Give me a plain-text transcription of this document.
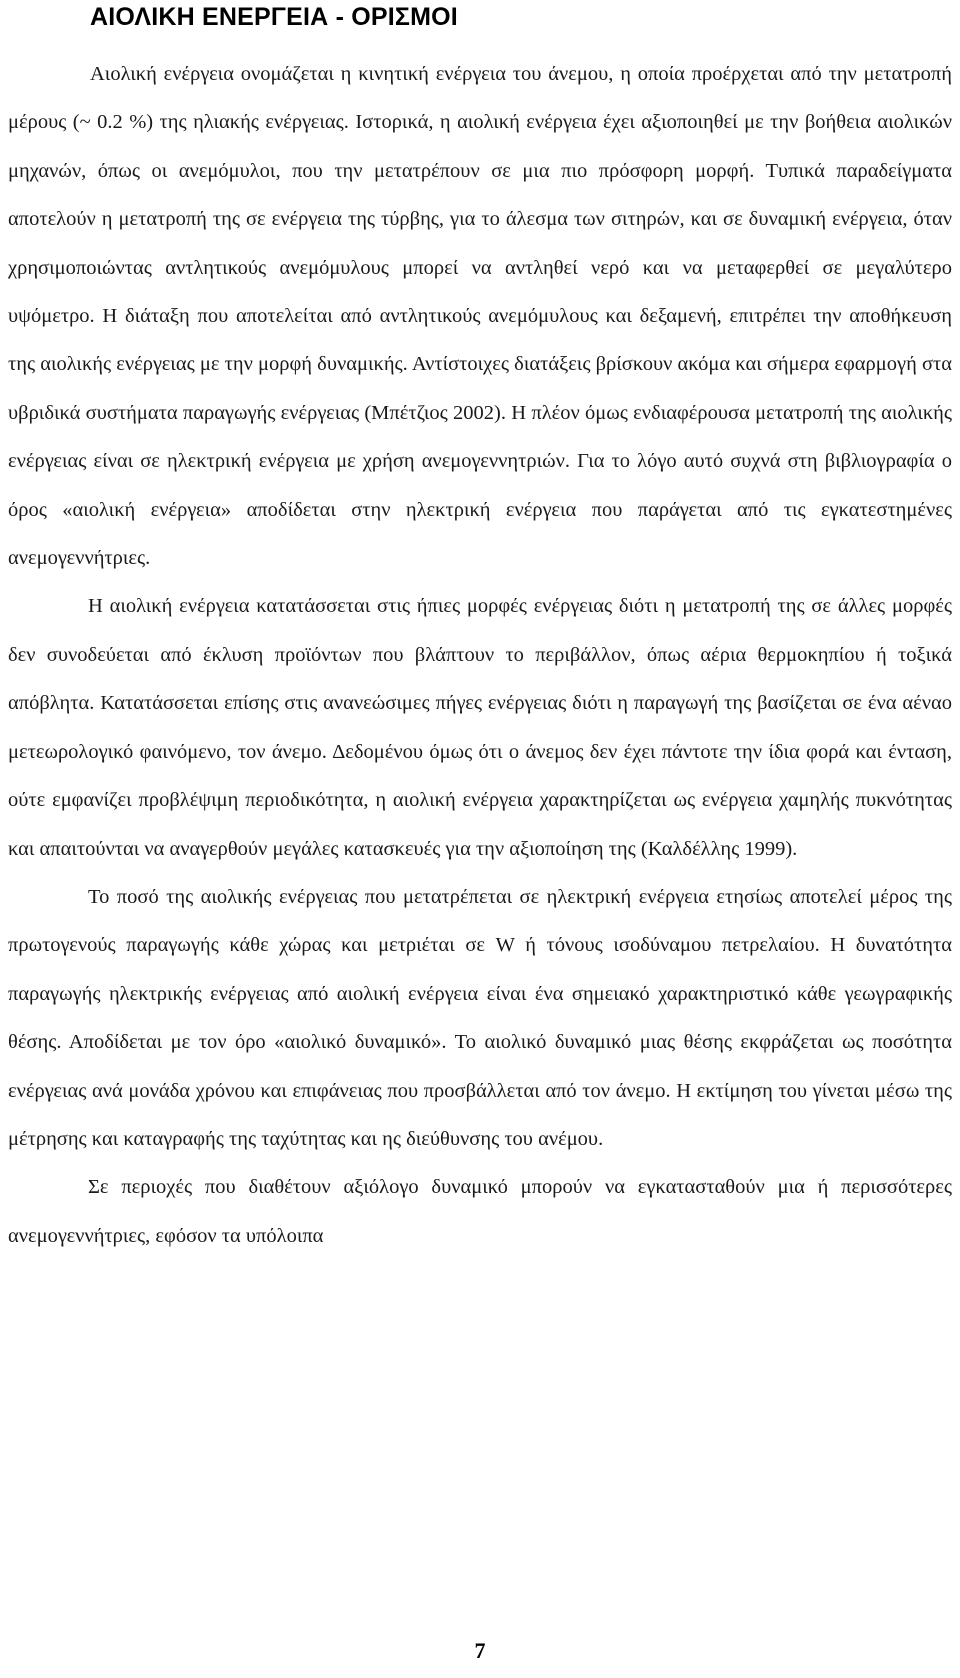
ΑΙΟΛΙΚΗ ΕΝΕΡΓΕΙΑ - ΟΡΙΣΜΟΙ

Αιολική ενέργεια ονομάζεται η κινητική ενέργεια του άνεμου, η οποία προέρχεται από την μετατροπή μέρους (~ 0.2 %) της ηλιακής ενέργειας. Ιστορικά, η αιολική ενέργεια έχει αξιοποιηθεί με την βοήθεια αιολικών μηχανών, όπως οι ανεμόμυλοι, που την μετατρέπουν σε μια πιο πρόσφορη μορφή. Τυπικά παραδείγματα αποτελούν η μετατροπή της σε ενέργεια της τύρβης, για το άλεσμα των σιτηρών, και σε δυναμική ενέργεια, όταν χρησιμοποιώντας αντλητικούς ανεμόμυλους μπορεί να αντληθεί νερό και να μεταφερθεί σε μεγαλύτερο υψόμετρο. Η διάταξη που αποτελείται από αντλητικούς ανεμόμυλους και δεξαμενή, επιτρέπει την αποθήκευση της αιολικής ενέργειας με την μορφή δυναμικής. Αντίστοιχες διατάξεις βρίσκουν ακόμα και σήμερα εφαρμογή στα υβριδικά συστήματα παραγωγής ενέργειας (Μπέτζιος 2002). Η πλέον όμως ενδιαφέρουσα μετατροπή της αιολικής ενέργειας είναι σε ηλεκτρική ενέργεια με χρήση ανεμογεννητριών. Για το λόγο αυτό συχνά στη βιβλιογραφία ο όρος «αιολική ενέργεια» αποδίδεται στην ηλεκτρική ενέργεια που παράγεται από τις εγκατεστημένες ανεμογεννήτριες.

Η αιολική ενέργεια κατατάσσεται στις ήπιες μορφές ενέργειας διότι η μετατροπή της σε άλλες μορφές δεν συνοδεύεται από έκλυση προϊόντων που βλάπτουν το περιβάλλον, όπως αέρια θερμοκηπίου ή τοξικά απόβλητα. Κατατάσσεται επίσης στις ανανεώσιμες πήγες ενέργειας διότι η παραγωγή της βασίζεται σε ένα αέναο μετεωρολογικό φαινόμενο, τον άνεμο. Δεδομένου όμως ότι ο άνεμος δεν έχει πάντοτε την ίδια φορά και ένταση, ούτε εμφανίζει προβλέψιμη περιοδικότητα, η αιολική ενέργεια χαρακτηρίζεται ως ενέργεια χαμηλής πυκνότητας και απαιτούνται να αναγερθούν μεγάλες κατασκευές για την αξιοποίηση της (Καλδέλλης 1999).

Το ποσό της αιολικής ενέργειας που μετατρέπεται σε ηλεκτρική ενέργεια ετησίως αποτελεί μέρος της πρωτογενούς παραγωγής κάθε χώρας και μετριέται σε W ή τόνους ισοδύναμου πετρελαίου. Η δυνατότητα παραγωγής ηλεκτρικής ενέργειας από αιολική ενέργεια είναι ένα σημειακό χαρακτηριστικό κάθε γεωγραφικής θέσης. Αποδίδεται με τον όρο «αιολικό δυναμικό». Το αιολικό δυναμικό μιας θέσης εκφράζεται ως ποσότητα ενέργειας ανά μονάδα χρόνου και επιφάνειας που προσβάλλεται από τον άνεμο. Η εκτίμηση του γίνεται μέσω της μέτρησης και καταγραφής της ταχύτητας και ης διεύθυνσης του ανέμου.

Σε περιοχές που διαθέτουν αξιόλογο δυναμικό μπορούν να εγκατασταθούν μια ή περισσότερες ανεμογεννήτριες, εφόσον τα υπόλοιπα

7
